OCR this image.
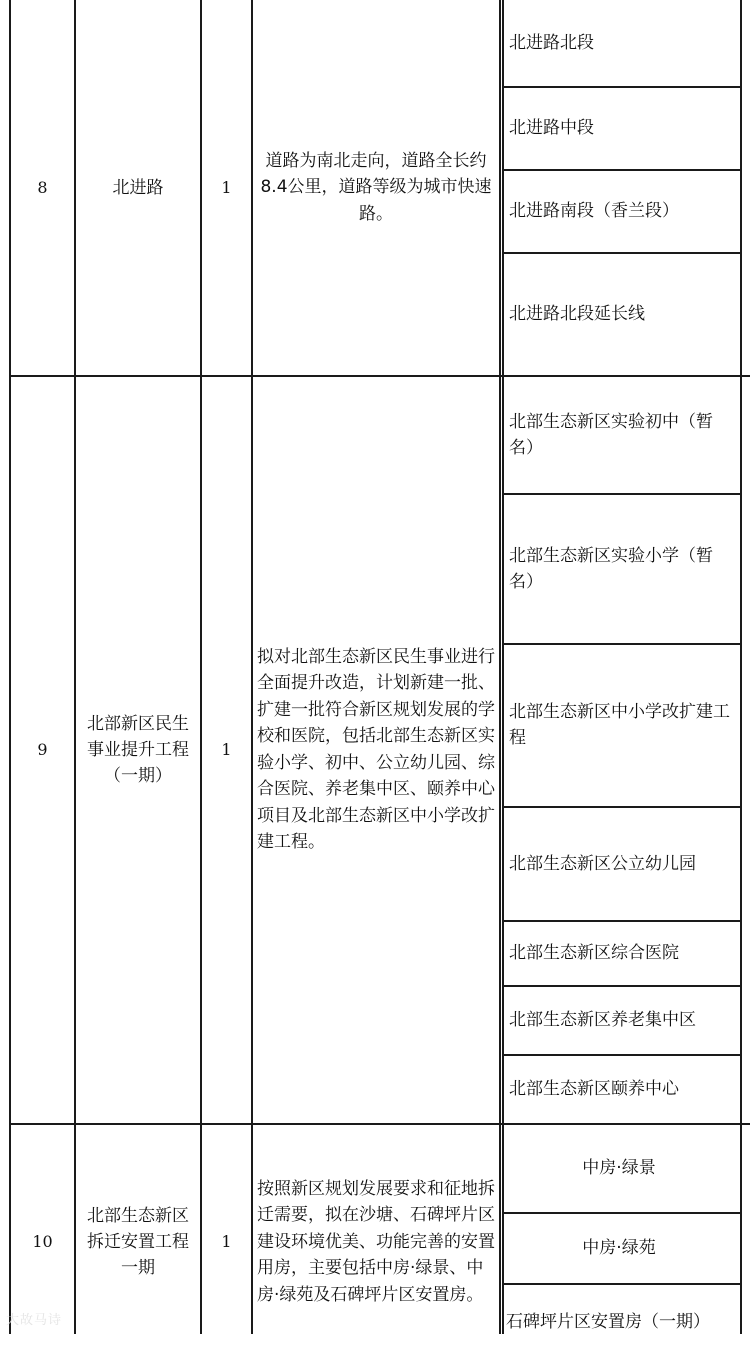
8	北进路	1
道路为南北走向，道路全长约8.4公里，道路等级为城市快速路。
北进路北段
北进路中段
北进路南段（香兰段）
北进路北段延长线
9
北部新区民生事业提升工程（一期）
1
拟对北部生态新区民生事业进行全面提升改造，计划新建一批、扩建一批符合新区规划发展的学校和医院，包括北部生态新区实验小学、初中、公立幼儿园、综合医院、养老集中区、颐养中心项目及北部生态新区中小学改扩建工程。
北部生态新区实验初中（暂名）
北部生态新区实验小学（暂名）
北部生态新区中小学改扩建工程
北部生态新区公立幼儿园
北部生态新区综合医院
北部生态新区养老集中区
北部生态新区颐养中心
10
北部生态新区拆迁安置工程一期
1
按照新区规划发展要求和征地拆迁需要，拟在沙塘、石碑坪片区建设环境优美、功能完善的安置用房，主要包括中房·绿景、中房·绿苑及石碑坪片区安置房。
中房·绿景
中房·绿苑
石碑坪片区安置房（一期）
大故马诗
